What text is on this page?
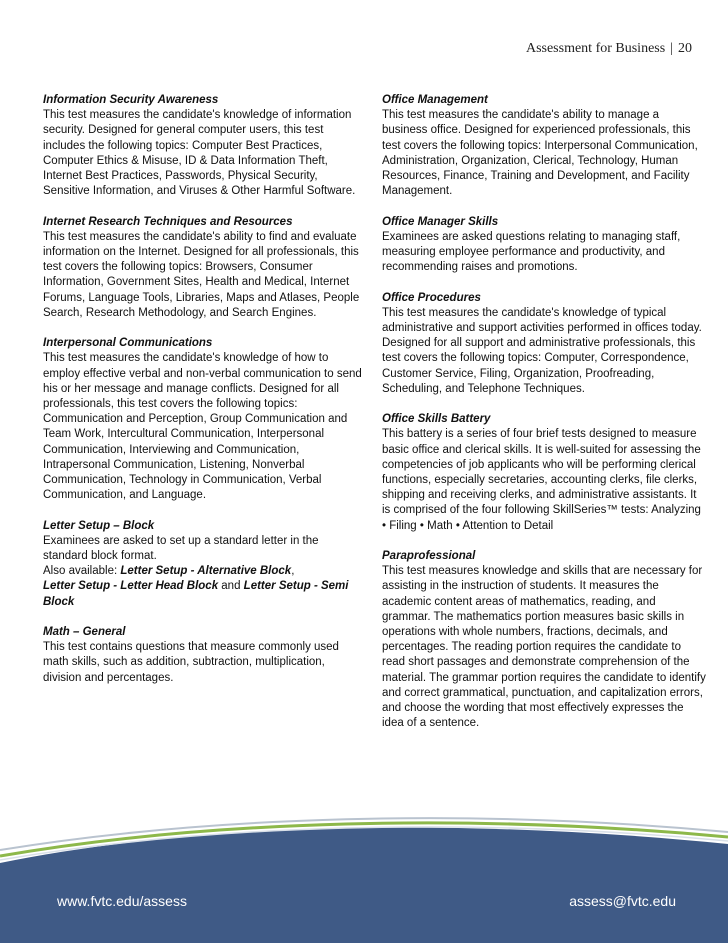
Assessment for Business | 20
Information Security Awareness

This test measures the candidate's knowledge of information security. Designed for general computer users, this test includes the following topics: Computer Best Practices, Computer Ethics & Misuse, ID & Data Information Theft, Internet Best Practices, Passwords, Physical Security, Sensitive Information, and Viruses & Other Harmful Software.

Internet Research Techniques and Resources

This test measures the candidate's ability to find and evaluate information on the Internet. Designed for all professionals, this test covers the following topics: Browsers, Consumer Information, Government Sites, Health and Medical, Internet Forums, Language Tools, Libraries, Maps and Atlases, People Search, Research Methodology, and Search Engines.

Interpersonal Communications

This test measures the candidate's knowledge of how to employ effective verbal and non-verbal communication to send his or her message and manage conflicts. Designed for all professionals, this test covers the following topics: Communication and Perception, Group Communication and Team Work, Intercultural Communication, Interpersonal Communication, Interviewing and Communication, Intrapersonal Communication, Listening, Nonverbal Communication, Technology in Communication, Verbal Communication, and Language.

Letter Setup – Block

Examinees are asked to set up a standard letter in the standard block format.

Also available: Letter Setup - Alternative Block,
Letter Setup - Letter Head Block and Letter Setup - Semi Block

Math – General

This test contains questions that measure commonly used math skills, such as addition, subtraction, multiplication, division and percentages.

Office Management

This test measures the candidate's ability to manage a business office. Designed for experienced professionals, this test covers the following topics: Interpersonal Communication, Administration, Organization, Clerical, Technology, Human Resources, Finance, Training and Development, and Facility Management.

Office Manager Skills

Examinees are asked questions relating to managing staff, measuring employee performance and productivity, and recommending raises and promotions.

Office Procedures

This test measures the candidate's knowledge of typical administrative and support activities performed in offices today. Designed for all support and administrative professionals, this test covers the following topics: Computer, Correspondence, Customer Service, Filing, Organization, Proofreading, Scheduling, and Telephone Techniques.

Office Skills Battery

This battery is a series of four brief tests designed to measure basic office and clerical skills. It is well-suited for assessing the competencies of job applicants who will be performing clerical functions, especially secretaries, accounting clerks, file clerks, shipping and receiving clerks, and administrative assistants. It is comprised of the four following SkillSeries™ tests: Analyzing • Filing • Math • Attention to Detail

Paraprofessional

This test measures knowledge and skills that are necessary for assisting in the instruction of students. It measures the academic content areas of mathematics, reading, and grammar. The mathematics portion measures basic skills in operations with whole numbers, fractions, decimals, and percentages. The reading portion requires the candidate to read short passages and demonstrate comprehension of the material. The grammar portion requires the candidate to identify and correct grammatical, punctuation, and capitalization errors, and choose the wording that most effectively expresses the idea of a sentence.

www.fvtc.edu/assess	assess@fvtc.edu
